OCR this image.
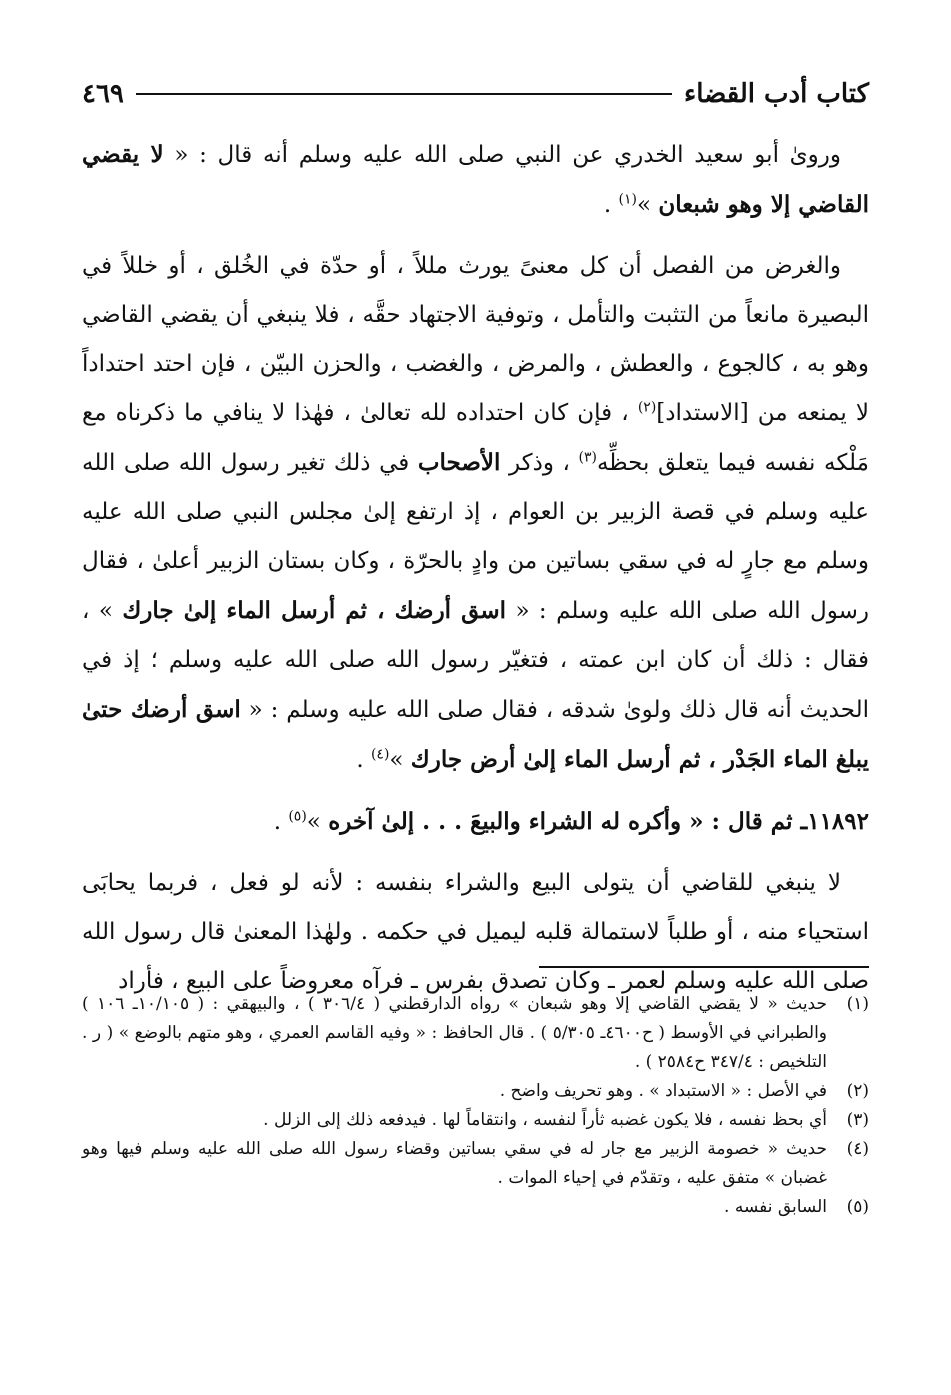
كتاب أدب القضاء
٤٦٩

وروىٰ أبو سعيد الخدري عن النبي صلى الله عليه وسلم أنه قال : « لا يقضي القاضي إلا وهو شبعان »$^{(١)}$ .

والغرض من الفصل أن كل معنىً يورث مللاً ، أو حدّة في الخُلق ، أو خللاً في البصيرة مانعاً من التثبت والتأمل ، وتوفية الاجتهاد حقَّه ، فلا ينبغي أن يقضي القاضي وهو به ، كالجوع ، والعطش ، والمرض ، والغضب ، والحزن البيّن ، فإن احتد احتداداً لا يمنعه من [الاستداد]$^{(٢)}$ ، فإن كان احتداده لله تعالىٰ ، فهٰذا لا ينافي ما ذكرناه مع مَلْكه نفسه فيما يتعلق بحظِّه$^{(٣)}$ ، وذكر الأصحاب في ذلك تغير رسول الله صلى الله عليه وسلم في قصة الزبير بن العوام ، إذ ارتفع إلىٰ مجلس النبي صلى الله عليه وسلم مع جارٍ له في سقي بساتين من وادٍ بالحرّة ، وكان بستان الزبير أعلىٰ ، فقال رسول الله صلى الله عليه وسلم : « اسق أرضك ، ثم أرسل الماء إلىٰ جارك » ، فقال : ذلك أن كان ابن عمته ، فتغيّر رسول الله صلى الله عليه وسلم ؛ إذ في الحديث أنه قال ذلك ولوىٰ شدقه ، فقال صلى الله عليه وسلم : « اسق أرضك حتىٰ يبلغ الماء الجَدْر ، ثم أرسل الماء إلىٰ أرض جارك »$^{(٤)}$ .

١١٨٩٢ـ ثم قال : « وأكره له الشراء والبيعَ . . . إلىٰ آخره »$^{(٥)}$ .

لا ينبغي للقاضي أن يتولى البيع والشراء بنفسه : لأنه لو فعل ، فربما يحابَى استحياء منه ، أو طلباً لاستمالة قلبه ليميل في حكمه . ولهٰذا المعنىٰ قال رسول الله صلى الله عليه وسلم لعمر ـ وكان تصدق بفرس ـ فرآه معروضاً على البيع ، فأراد

(١)
حديث « لا يقضي القاضي إلا وهو شبعان » رواه الدارقطني ( ٣٠٦/٤ ) ، والبيهقي : ( ١٠/١٠٥ـ ١٠٦ ) والطبراني في الأوسط ( ح٤٦٠٠ـ ٥/٣٠٥ ) . قال الحافظ : « وفيه القاسم العمري ، وهو متهم بالوضع » ( ر . التلخيص : ٣٤٧/٤ ح٢٥٨٤ ) .
(٢)
في الأصل : « الاستبداد » . وهو تحريف واضح .
(٣)
أي بحظ نفسه ، فلا يكون غضبه ثأراً لنفسه ، وانتقاماً لها . فيدفعه ذلك إلى الزلل .
(٤)
حديث « خصومة الزبير مع جار له في سقي بساتين وقضاء رسول الله صلى الله عليه وسلم فيها وهو غضبان » متفق عليه ، وتقدّم في إحياء الموات .
(٥)
السابق نفسه .
